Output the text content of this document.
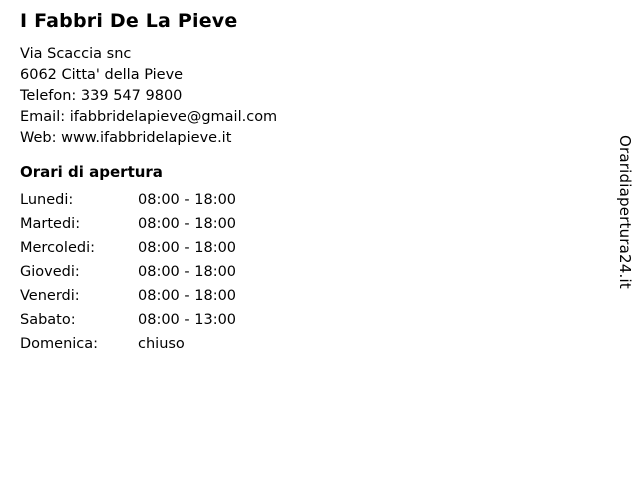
I Fabbri De La Pieve
Via Scaccia snc
6062 Citta' della Pieve
Telefon: 339 547 9800
Email: ifabbridelapieve@gmail.com
Web: www.ifabbridelapieve.it
Orari di apertura
Lunedi:	08:00 - 18:00
Martedi:	08:00 - 18:00
Mercoledi:	08:00 - 18:00
Giovedi:	08:00 - 18:00
Venerdi:	08:00 - 18:00
Sabato:	08:00 - 13:00
Domenica:	chiuso
Oraridiapertura24.it
